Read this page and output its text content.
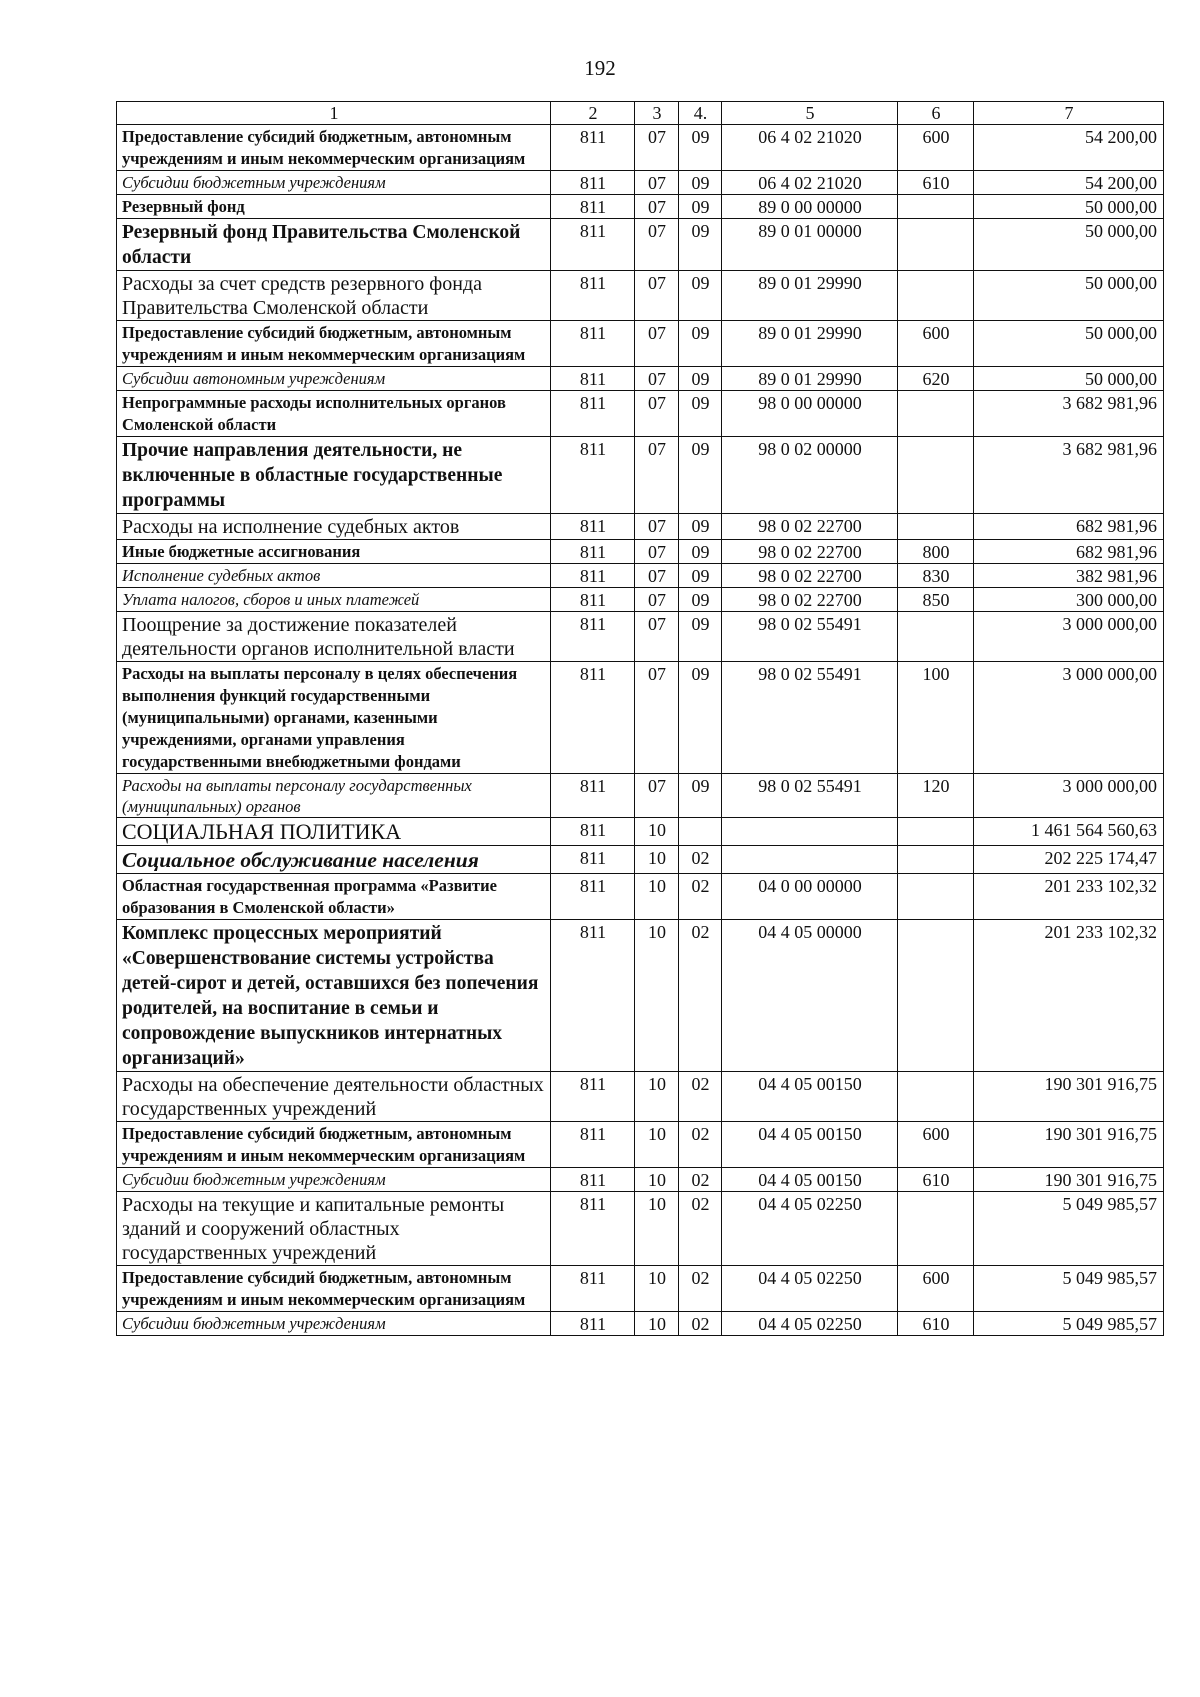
192
1	2	3	4.	5	6	7
Предоставление субсидий бюджетным, автономным учреждениям и иным некоммерческим организациям	811	07	09	06 4 02 21020	600	54 200,00
Субсидии бюджетным учреждениям	811	07	09	06 4 02 21020	610	54 200,00
Резервный фонд	811	07	09	89 0 00 00000		50 000,00
Резервный фонд Правительства Смоленской области	811	07	09	89 0 01 00000		50 000,00
Расходы за счет средств резервного фонда Правительства Смоленской области	811	07	09	89 0 01 29990		50 000,00
Предоставление субсидий бюджетным, автономным учреждениям и иным некоммерческим организациям	811	07	09	89 0 01 29990	600	50 000,00
Субсидии автономным учреждениям	811	07	09	89 0 01 29990	620	50 000,00
Непрограммные расходы исполнительных органов Смоленской области	811	07	09	98 0 00 00000		3 682 981,96
Прочие направления деятельности, не включенные в областные государственные программы	811	07	09	98 0 02 00000		3 682 981,96
Расходы на исполнение судебных актов	811	07	09	98 0 02 22700		682 981,96
Иные бюджетные ассигнования	811	07	09	98 0 02 22700	800	682 981,96
Исполнение судебных актов	811	07	09	98 0 02 22700	830	382 981,96
Уплата налогов, сборов и иных платежей	811	07	09	98 0 02 22700	850	300 000,00
Поощрение за достижение показателей деятельности органов исполнительной власти	811	07	09	98 0 02 55491		3 000 000,00
Расходы на выплаты персоналу в целях обеспечения выполнения функций государственными (муниципальными) органами, казенными учреждениями, органами управления государственными внебюджетными фондами	811	07	09	98 0 02 55491	100	3 000 000,00
Расходы на выплаты персоналу государственных (муниципальных) органов	811	07	09	98 0 02 55491	120	3 000 000,00
СОЦИАЛЬНАЯ ПОЛИТИКА	811	10				1 461 564 560,63
Социальное обслуживание населения	811	10	02			202 225 174,47
Областная государственная программа «Развитие образования в Смоленской области»	811	10	02	04 0 00 00000		201 233 102,32
Комплекс процессных мероприятий «Совершенствование системы устройства детей-сирот и детей, оставшихся без попечения родителей, на воспитание в семьи и сопровождение выпускников интернатных организаций»	811	10	02	04 4 05 00000		201 233 102,32
Расходы на обеспечение деятельности областных государственных учреждений	811	10	02	04 4 05 00150		190 301 916,75
Предоставление субсидий бюджетным, автономным учреждениям и иным некоммерческим организациям	811	10	02	04 4 05 00150	600	190 301 916,75
Субсидии бюджетным учреждениям	811	10	02	04 4 05 00150	610	190 301 916,75
Расходы на текущие и капитальные ремонты зданий и сооружений областных государственных учреждений	811	10	02	04 4 05 02250		5 049 985,57
Предоставление субсидий бюджетным, автономным учреждениям и иным некоммерческим организациям	811	10	02	04 4 05 02250	600	5 049 985,57
Субсидии бюджетным учреждениям	811	10	02	04 4 05 02250	610	5 049 985,57
